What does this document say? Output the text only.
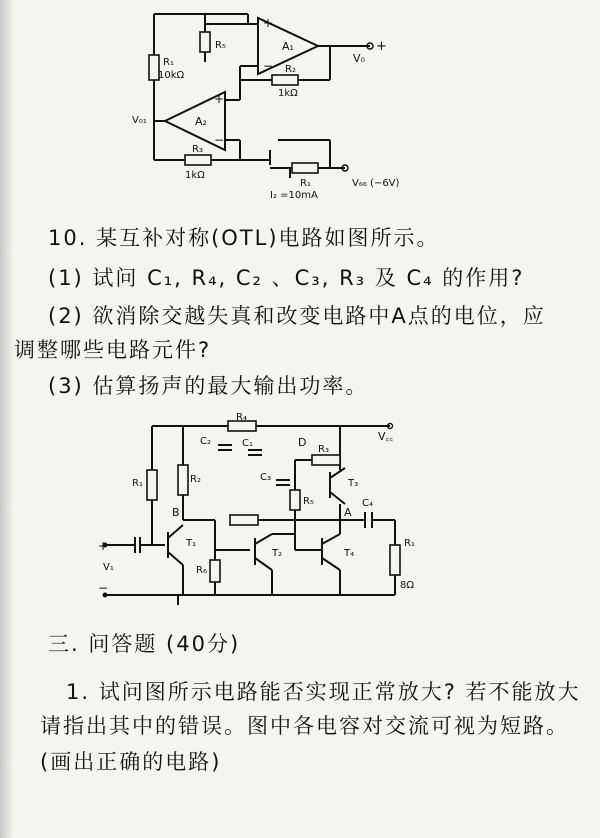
+
−
A₁
A₂
+
−
R₅
R₁
10kΩ
R₂
1kΩ
R₃
1kΩ
R₁
V₀
+
V₀₁
I₂ =10mA
V₆₆ (−6V)
10. 某互补对称(OTL)电路如图所示。
(1) 试问 C₁, R₄, C₂ 、C₃, R₃ 及 C₄ 的作用?
(2) 欲消除交越失真和改变电路中A点的电位，应
调整哪些电路元件?
(3) 估算扬声的最大输出功率。
R₄
C₂	C₁
C₃
C₄
R₁	R₂
R₃
R₅
R₆
R₁
8Ω
T₁
T₂
T₃
T₄
B	A
D	V꜀꜀
V₁
+
−
三. 问答题 (40分)
1. 试问图所示电路能否实现正常放大? 若不能放大
请指出其中的错误。图中各电容对交流可视为短路。
(画出正确的电路)
